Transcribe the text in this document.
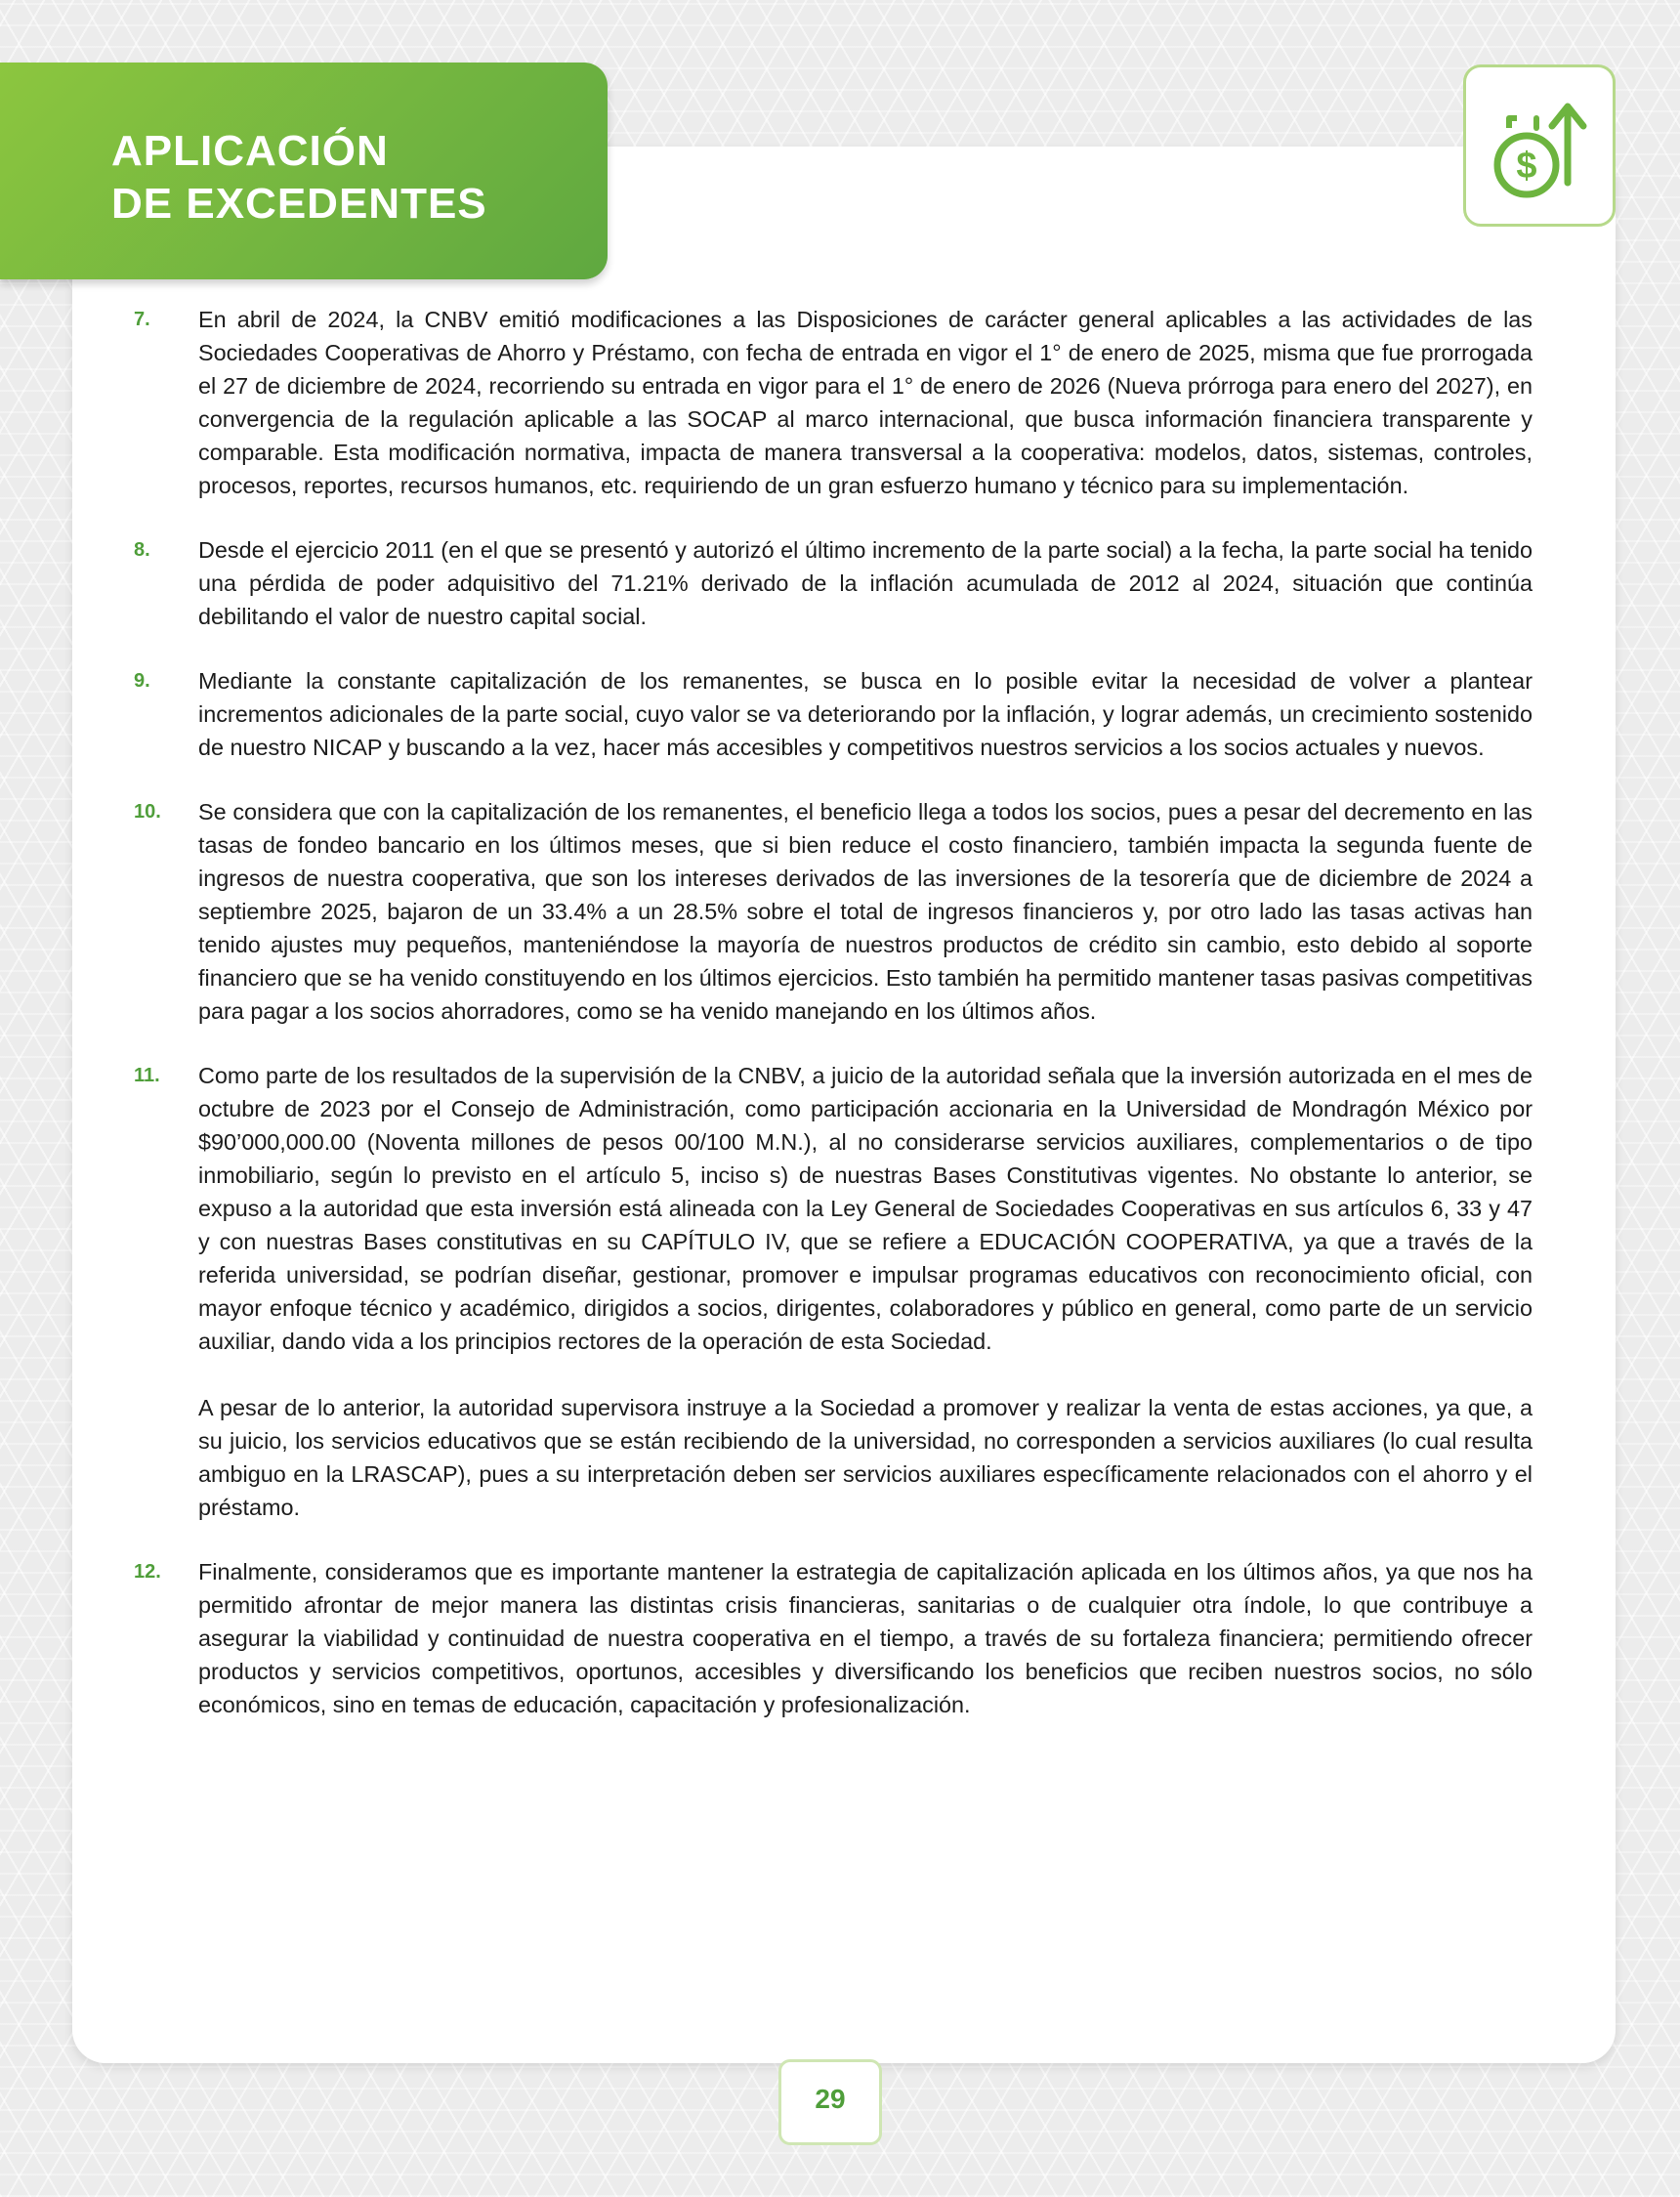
APLICACIÓN
DE EXCEDENTES
$
7. En abril de 2024, la CNBV emitió modificaciones a las Disposiciones de carácter general aplicables a las actividades de las Sociedades Cooperativas de Ahorro y Préstamo, con fecha de entrada en vigor el 1° de enero de 2025, misma que fue prorrogada el 27 de diciembre de 2024, recorriendo su entrada en vigor para el 1° de enero de 2026 (Nueva prórroga para enero del 2027), en convergencia de la regulación aplicable a las SOCAP al marco internacional, que busca información financiera transparente y comparable. Esta modificación normativa, impacta de manera transversal a la cooperativa: modelos, datos, sistemas, controles, procesos, reportes, recursos humanos, etc. requiriendo de un gran esfuerzo humano y técnico para su implementación.

8. Desde el ejercicio 2011 (en el que se presentó y autorizó el último incremento de la parte social) a la fecha, la parte social ha tenido una pérdida de poder adquisitivo del 71.21% derivado de la inflación acumulada de 2012 al 2024, situación que continúa debilitando el valor de nuestro capital social.

9. Mediante la constante capitalización de los remanentes, se busca en lo posible evitar la necesidad de volver a plantear incrementos adicionales de la parte social, cuyo valor se va deteriorando por la inflación, y lograr además, un crecimiento sostenido de nuestro NICAP y buscando a la vez, hacer más accesibles y competitivos nuestros servicios a los socios actuales y nuevos.

10. Se considera que con la capitalización de los remanentes, el beneficio llega a todos los socios, pues a pesar del decremento en las tasas de fondeo bancario en los últimos meses, que si bien reduce el costo financiero, también impacta la segunda fuente de ingresos de nuestra cooperativa, que son los intereses derivados de las inversiones de la tesorería que de diciembre de 2024 a septiembre 2025, bajaron de un 33.4% a un 28.5% sobre el total de ingresos financieros y, por otro lado las tasas activas han tenido ajustes muy pequeños, manteniéndose la mayoría de nuestros productos de crédito sin cambio, esto debido al soporte financiero que se ha venido constituyendo en los últimos ejercicios. Esto también ha permitido mantener tasas pasivas competitivas para pagar a los socios ahorradores, como se ha venido manejando en los últimos años.

11. Como parte de los resultados de la supervisión de la CNBV, a juicio de la autoridad señala que la inversión autorizada en el mes de octubre de 2023 por el Consejo de Administración, como participación accionaria en la Universidad de Mondragón México por $90’000,000.00 (Noventa millones de pesos 00/100 M.N.), al no considerarse servicios auxiliares, complementarios o de tipo inmobiliario, según lo previsto en el artículo 5, inciso s) de nuestras Bases Constitutivas vigentes. No obstante lo anterior, se expuso a la autoridad que esta inversión está alineada con la Ley General de Sociedades Cooperativas en sus artículos 6, 33 y 47 y con nuestras Bases constitutivas en su CAPÍTULO IV, que se refiere a EDUCACIÓN COOPERATIVA, ya que a través de la referida universidad, se podrían diseñar, gestionar, promover e impulsar programas educativos con reconocimiento oficial, con mayor enfoque técnico y académico, dirigidos a socios, dirigentes, colaboradores y público en general, como parte de un servicio auxiliar, dando vida a los principios rectores de la operación de esta Sociedad.

A pesar de lo anterior, la autoridad supervisora instruye a la Sociedad a promover y realizar la venta de estas acciones, ya que, a su juicio, los servicios educativos que se están recibiendo de la universidad, no corresponden a servicios auxiliares (lo cual resulta ambiguo en la LRASCAP), pues a su interpretación deben ser servicios auxiliares específicamente relacionados con el ahorro y el préstamo.

12. Finalmente, consideramos que es importante mantener la estrategia de capitalización aplicada en los últimos años, ya que nos ha permitido afrontar de mejor manera las distintas crisis financieras, sanitarias o de cualquier otra índole, lo que contribuye a asegurar la viabilidad y continuidad de nuestra cooperativa en el tiempo, a través de su fortaleza financiera; permitiendo ofrecer productos y servicios competitivos, oportunos, accesibles y diversificando los beneficios que reciben nuestros socios, no sólo económicos, sino en temas de educación, capacitación y profesionalización.

29
